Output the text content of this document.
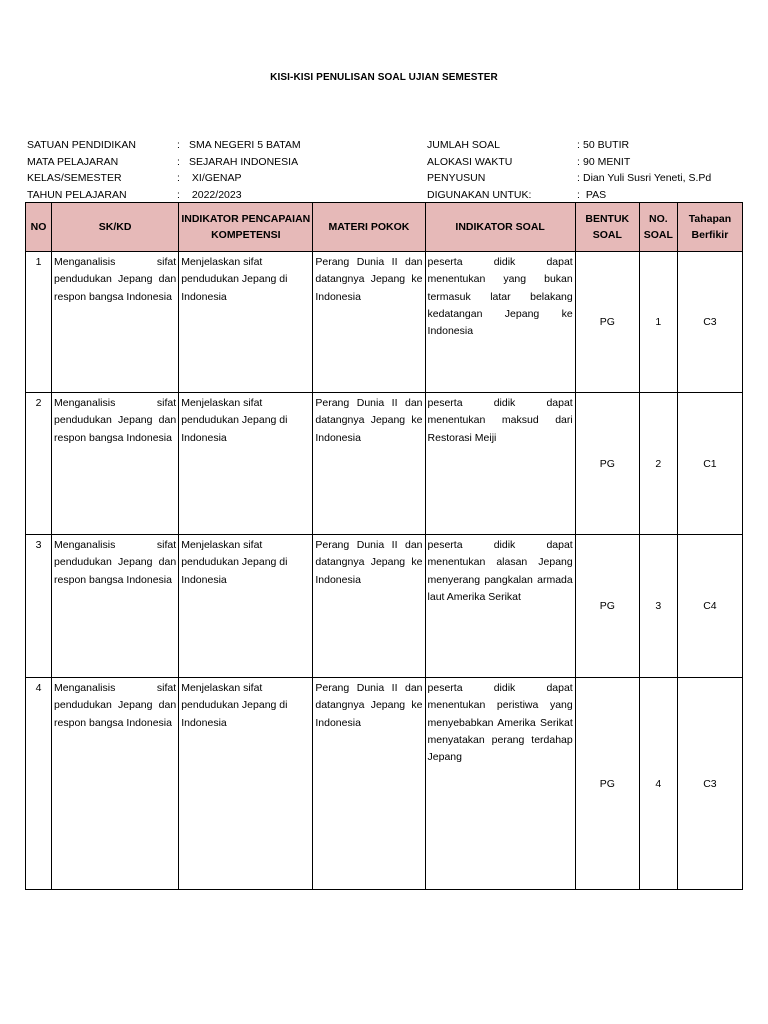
KISI-KISI PENULISAN SOAL UJIAN SEMESTER
SATUAN PENDIDIKAN	: SMA NEGERI 5 BATAM
MATA PELAJARAN	: SEJARAH INDONESIA
KELAS/SEMESTER	: XI/GENAP
TAHUN PELAJARAN	: 2022/2023
JUMLAH SOAL	: 50 BUTIR
ALOKASI WAKTU	: 90 MENIT
PENYUSUN	: Dian Yuli Susri Yeneti, S.Pd
DIGUNAKAN UNTUK:	: PAS
NO	SK/KD	INDIKATOR PENCAPAIAN KOMPETENSI	MATERI POKOK	INDIKATOR SOAL	BENTUK SOAL	NO. SOAL	Tahapan Berfikir
1	Menganalisis sifat pendudukan Jepang dan respon bangsa Indonesia	Menjelaskan sifat pendudukan Jepang di Indonesia	Perang Dunia II dan datangnya Jepang ke Indonesia	peserta didik dapat menentukan yang bukan termasuk latar belakang kedatangan Jepang ke Indonesia	PG	1	C3
2	Menganalisis sifat pendudukan Jepang dan respon bangsa Indonesia	Menjelaskan sifat pendudukan Jepang di Indonesia	Perang Dunia II dan datangnya Jepang ke Indonesia	peserta didik dapat menentukan maksud dari Restorasi Meiji	PG	2	C1
3	Menganalisis sifat pendudukan Jepang dan respon bangsa Indonesia	Menjelaskan sifat pendudukan Jepang di Indonesia	Perang Dunia II dan datangnya Jepang ke Indonesia	peserta didik dapat menentukan alasan Jepang menyerang pangkalan armada laut Amerika Serikat	PG	3	C4
4	Menganalisis sifat pendudukan Jepang dan respon bangsa Indonesia	Menjelaskan sifat pendudukan Jepang di Indonesia	Perang Dunia II dan datangnya Jepang ke Indonesia	peserta didik dapat menentukan peristiwa yang menyebabkan Amerika Serikat menyatakan perang terdahap Jepang	PG	4	C3
